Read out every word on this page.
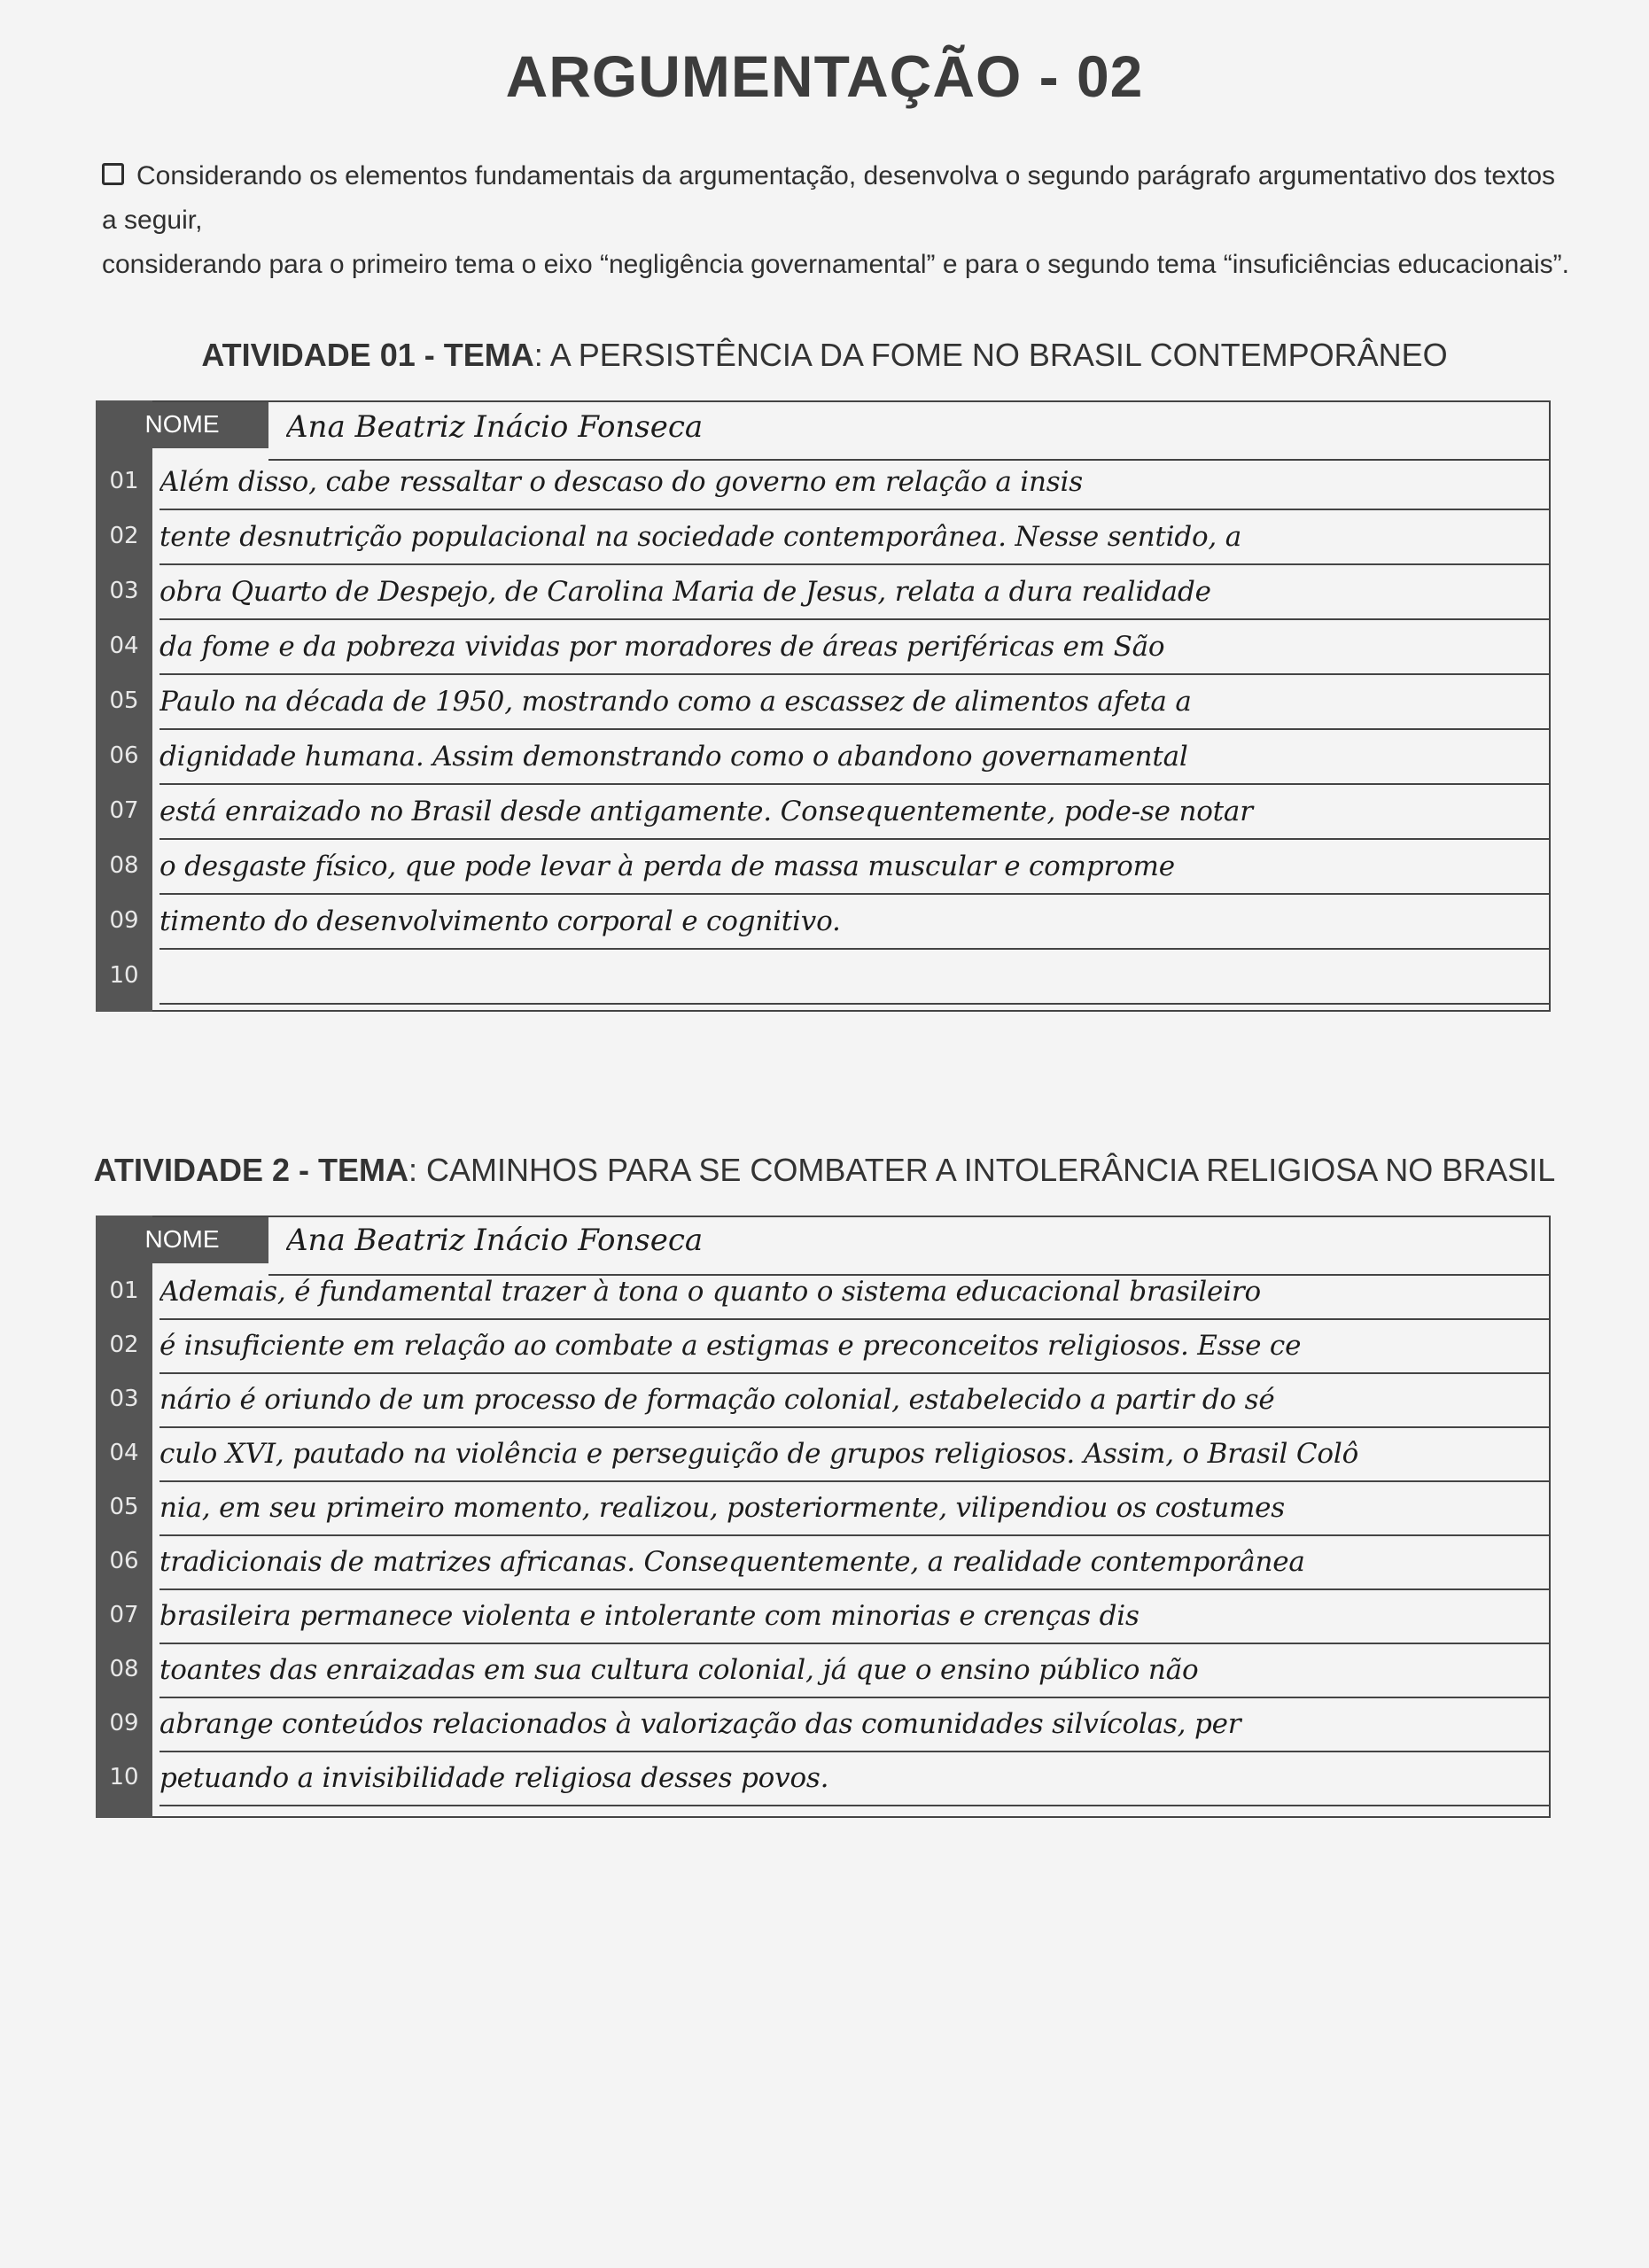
ARGUMENTAÇÃO - 02
Considerando os elementos fundamentais da argumentação, desenvolva o segundo parágrafo argumentativo dos textos a seguir,
considerando para o primeiro tema o eixo “negligência governamental” e para o segundo tema “insuficiências educacionais”.
ATIVIDADE 01 - TEMA: A PERSISTÊNCIA DA FOME NO BRASIL CONTEMPORÂNEO
NOME	Ana Beatriz Inácio Fonseca
01 Além disso, cabe ressaltar o descaso do governo em relação a insis
02 tente desnutrição populacional na sociedade contemporânea. Nesse sentido, a
03 obra Quarto de Despejo, de Carolina Maria de Jesus, relata a dura realidade
04 da fome e da pobreza vividas por moradores de áreas periféricas em São
05 Paulo na década de 1950, mostrando como a escassez de alimentos afeta a
06 dignidade humana. Assim demonstrando como o abandono governamental
07 está enraizado no Brasil desde antigamente. Consequentemente, pode-se notar
08 o desgaste físico, que pode levar à perda de massa muscular e comprome
09 timento do desenvolvimento corporal e cognitivo.
10
ATIVIDADE 2 - TEMA: CAMINHOS PARA SE COMBATER A INTOLERÂNCIA RELIGIOSA NO BRASIL
NOME	Ana Beatriz Inácio Fonseca
01 Ademais, é fundamental trazer à tona o quanto o sistema educacional brasileiro
02 é insuficiente em relação ao combate a estigmas e preconceitos religiosos. Esse ce
03 nário é oriundo de um processo de formação colonial, estabelecido a partir do sé
04 culo XVI, pautado na violência e perseguição de grupos religiosos. Assim, o Brasil Colô
05 nia, em seu primeiro momento, realizou, posteriormente, vilipendiou os costumes
06 tradicionais de matrizes africanas. Consequentemente, a realidade contemporânea
07 brasileira permanece violenta e intolerante com minorias e crenças dis
08 toantes das enraizadas em sua cultura colonial, já que o ensino público não
09 abrange conteúdos relacionados à valorização das comunidades silvícolas, per
10 petuando a invisibilidade religiosa desses povos.
